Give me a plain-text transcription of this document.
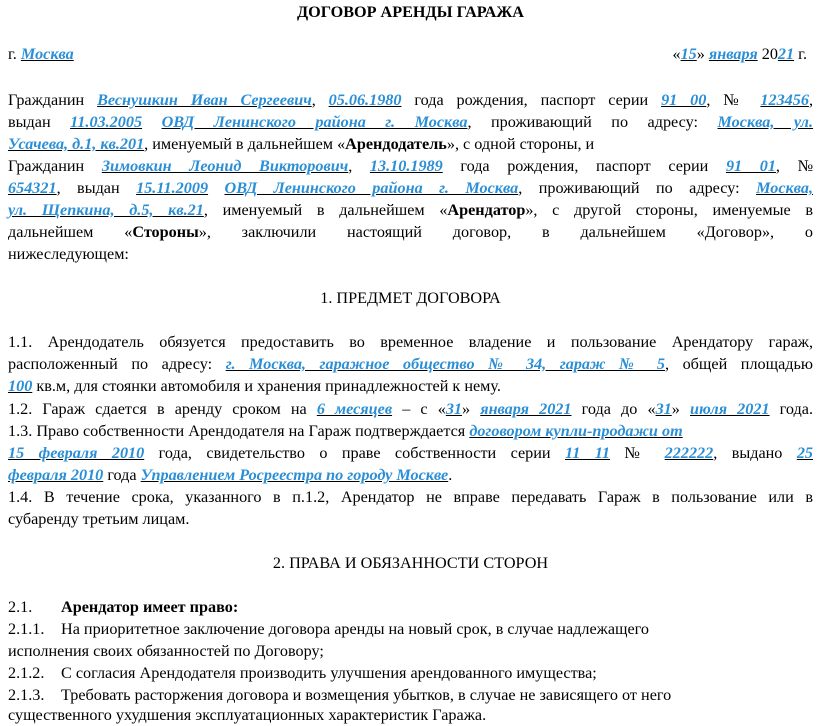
ДОГОВОР АРЕНДЫ ГАРАЖА
г. Москва	«15» января 2021 г.
Гражданин Веснушкин Иван Сергеевич, 05.06.1980 года рождения, паспорт серии 91 00, № 123456,
выдан 11.03.2005 ОВД Ленинского района г. Москва, проживающий по адресу: Москва, ул.
Усачева, д.1, кв.201, именуемый в дальнейшем «Арендодатель», с одной стороны, и
Гражданин Зимовкин Леонид Викторович, 13.10.1989 года рождения, паспорт серии 91 01, №
654321, выдан 15.11.2009 ОВД Ленинского района г. Москва, проживающий по адресу: Москва,
ул. Щепкина, д.5, кв.21, именуемый в дальнейшем «Арендатор», с другой стороны, именуемые в
дальнейшем «Стороны», заключили настоящий договор, в дальнейшем «Договор», о
нижеследующем:
1. ПРЕДМЕТ ДОГОВОРА
1.1. Арендодатель обязуется предоставить во временное владение и пользование Арендатору гараж,
расположенный по адресу: г. Москва, гаражное общество № 34, гараж № 5, общей площадью
100 кв.м, для стоянки автомобиля и хранения принадлежностей к нему.
1.2. Гараж сдается в аренду сроком на 6 месяцев – с «31» января 2021 года до «31» июля 2021 года.
1.3. Право собственности Арендодателя на Гараж подтверждается договором купли-продажи от
15 февраля 2010 года, свидетельство о праве собственности серии 11 11 № 222222, выдано 25
февраля 2010 года Управлением Росреестра по городу Москве.
1.4. В течение срока, указанного в п.1.2, Арендатор не вправе передавать Гараж в пользование или в
субаренду третьим лицам.
2. ПРАВА И ОБЯЗАННОСТИ СТОРОН
2.1. Арендатор имеет право:
2.1.1. На приоритетное заключение договора аренды на новый срок, в случае надлежащего
исполнения своих обязанностей по Договору;
2.1.2. С согласия Арендодателя производить улучшения арендованного имущества;
2.1.3. Требовать расторжения договора и возмещения убытков, в случае не зависящего от него
существенного ухудшения эксплуатационных характеристик Гаража.
